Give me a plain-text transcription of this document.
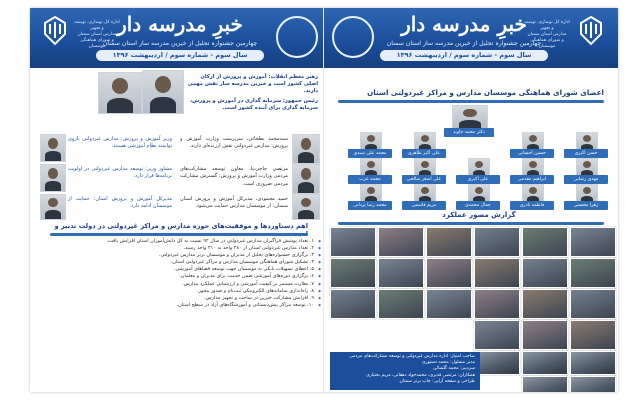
اداره کل نوسازی، توسعه و تجهیز
مدارس استان سمنان
و شورای هماهنگی موسسان
خبرِ مدرسه دار
چهارمین جشنواره تجلیل از خیرین مدرسه ساز استان سمنان
سال سوم - شماره سوم / اردیبهشت ۱۳۹۶
رهبر معظم انقلاب: آموزش و پرورش از ارکان اصلی کشور است و خیرین مدرسه ساز نقش مهمی دارند.
رئیس جمهور: سرمایه گذاری در آموزش و پرورش، سرمایه گذاری برای آینده کشور است.
وزیر آموزش و پرورش: مدارس غیردولتی بازوی توانمند نظام آموزشی هستند.
مشاور وزیر: توسعه مدارس غیردولتی در اولویت برنامه‌ها قرار دارد.
مدیرکل آموزش و پرورش استان: حمایت از موسسان ادامه دارد.
سیدمحمد بطحائی، سرپرست وزارت آموزش و پرورش: مدارس غیردولتی نقش ارزنده‌ای دارند.
مرتضی حاجی‌نیا، معاون توسعه مشارکت‌های مردمی وزارت آموزش و پرورش: گسترش مشارکت مردمی ضروری است.
حمید محمودی، مدیرکل آموزش و پرورش استان سمنان: از موسسان مدارس حمایت می‌شود.
اهم دستاوردها و موفقیت‌های حوزه مدارس و مراکز غیردولتی در دولت تدبیر و
◆ ۱. تعداد پوشش فراگیران مدارس غیردولتی در سال ۹۲ نسبت به کل دانش‌آموزان استان افزایش یافت.
◆ ۲. تعداد مدارس غیردولتی استان از ۲۸۰ واحد به ۳۱۰ واحد رسید.
◆ ۳. برگزاری جشنواره‌های تجلیل از مدیران و موسسان برتر مدارس غیردولتی.
◆ ۴. تشکیل شورای هماهنگی موسسان مدارس و مراکز غیردولتی استان.
◆ ۵. اعطای تسهیلات بانکی به موسسان جهت توسعه فضاهای آموزشی.
◆ ۶. برگزاری دوره‌های آموزشی ضمن خدمت برای مدیران و معلمان.
◆ ۷. نظارت مستمر بر کیفیت آموزشی و ارزشیابی عملکرد مدارس.
◆ ۸. راه‌اندازی سامانه‌های الکترونیکی ثبت‌نام و صدور مجوز.
◆ ۹. افزایش مشارکت خیرین در ساخت و تجهیز مدارس.
◆ ۱۰. توسعه مراکز پیش‌دبستانی و آموزشگاه‌های آزاد در سطح استان.
اداره کل نوسازی، توسعه و تجهیز
مدارس استان سمنان
و شورای هماهنگی موسسان
خبرِ مدرسه دار
چهارمین جشنواره تجلیل از خیرین مدرسه ساز استان سمنان
سال سوم - شماره سوم / اردیبهشت ۱۳۹۶
اعضای شورای هماهنگی موسسان مدارس و مراکز غیردولتی استان
دکتر محمد جاوید
حسن اکبری
حسین احسانی
علی اکبر طاهری
محمد علی سیدی
مهدی رضایی
ابراهیم مقدمی
علی اصغر صالحی
محمد عرب
زهرا محسنی
فاطمه نادری
مریم قاسمی
محمد رضا یزدانی
علی اکبری
جمال محمدی
گزارش مصور عملکرد
صاحب امتیاز: اداره مدارس غیردولتی و توسعه مشارکت‌های مردمی
مدیر مسئول: محمد دستوری
سردبیر: محمد گلشائی
همکاران: مرتضی قدیری، محمدجواد دهقانی، مریم بختیاری
طراحی و صفحه آرایی: چاپ برتر سمنان
